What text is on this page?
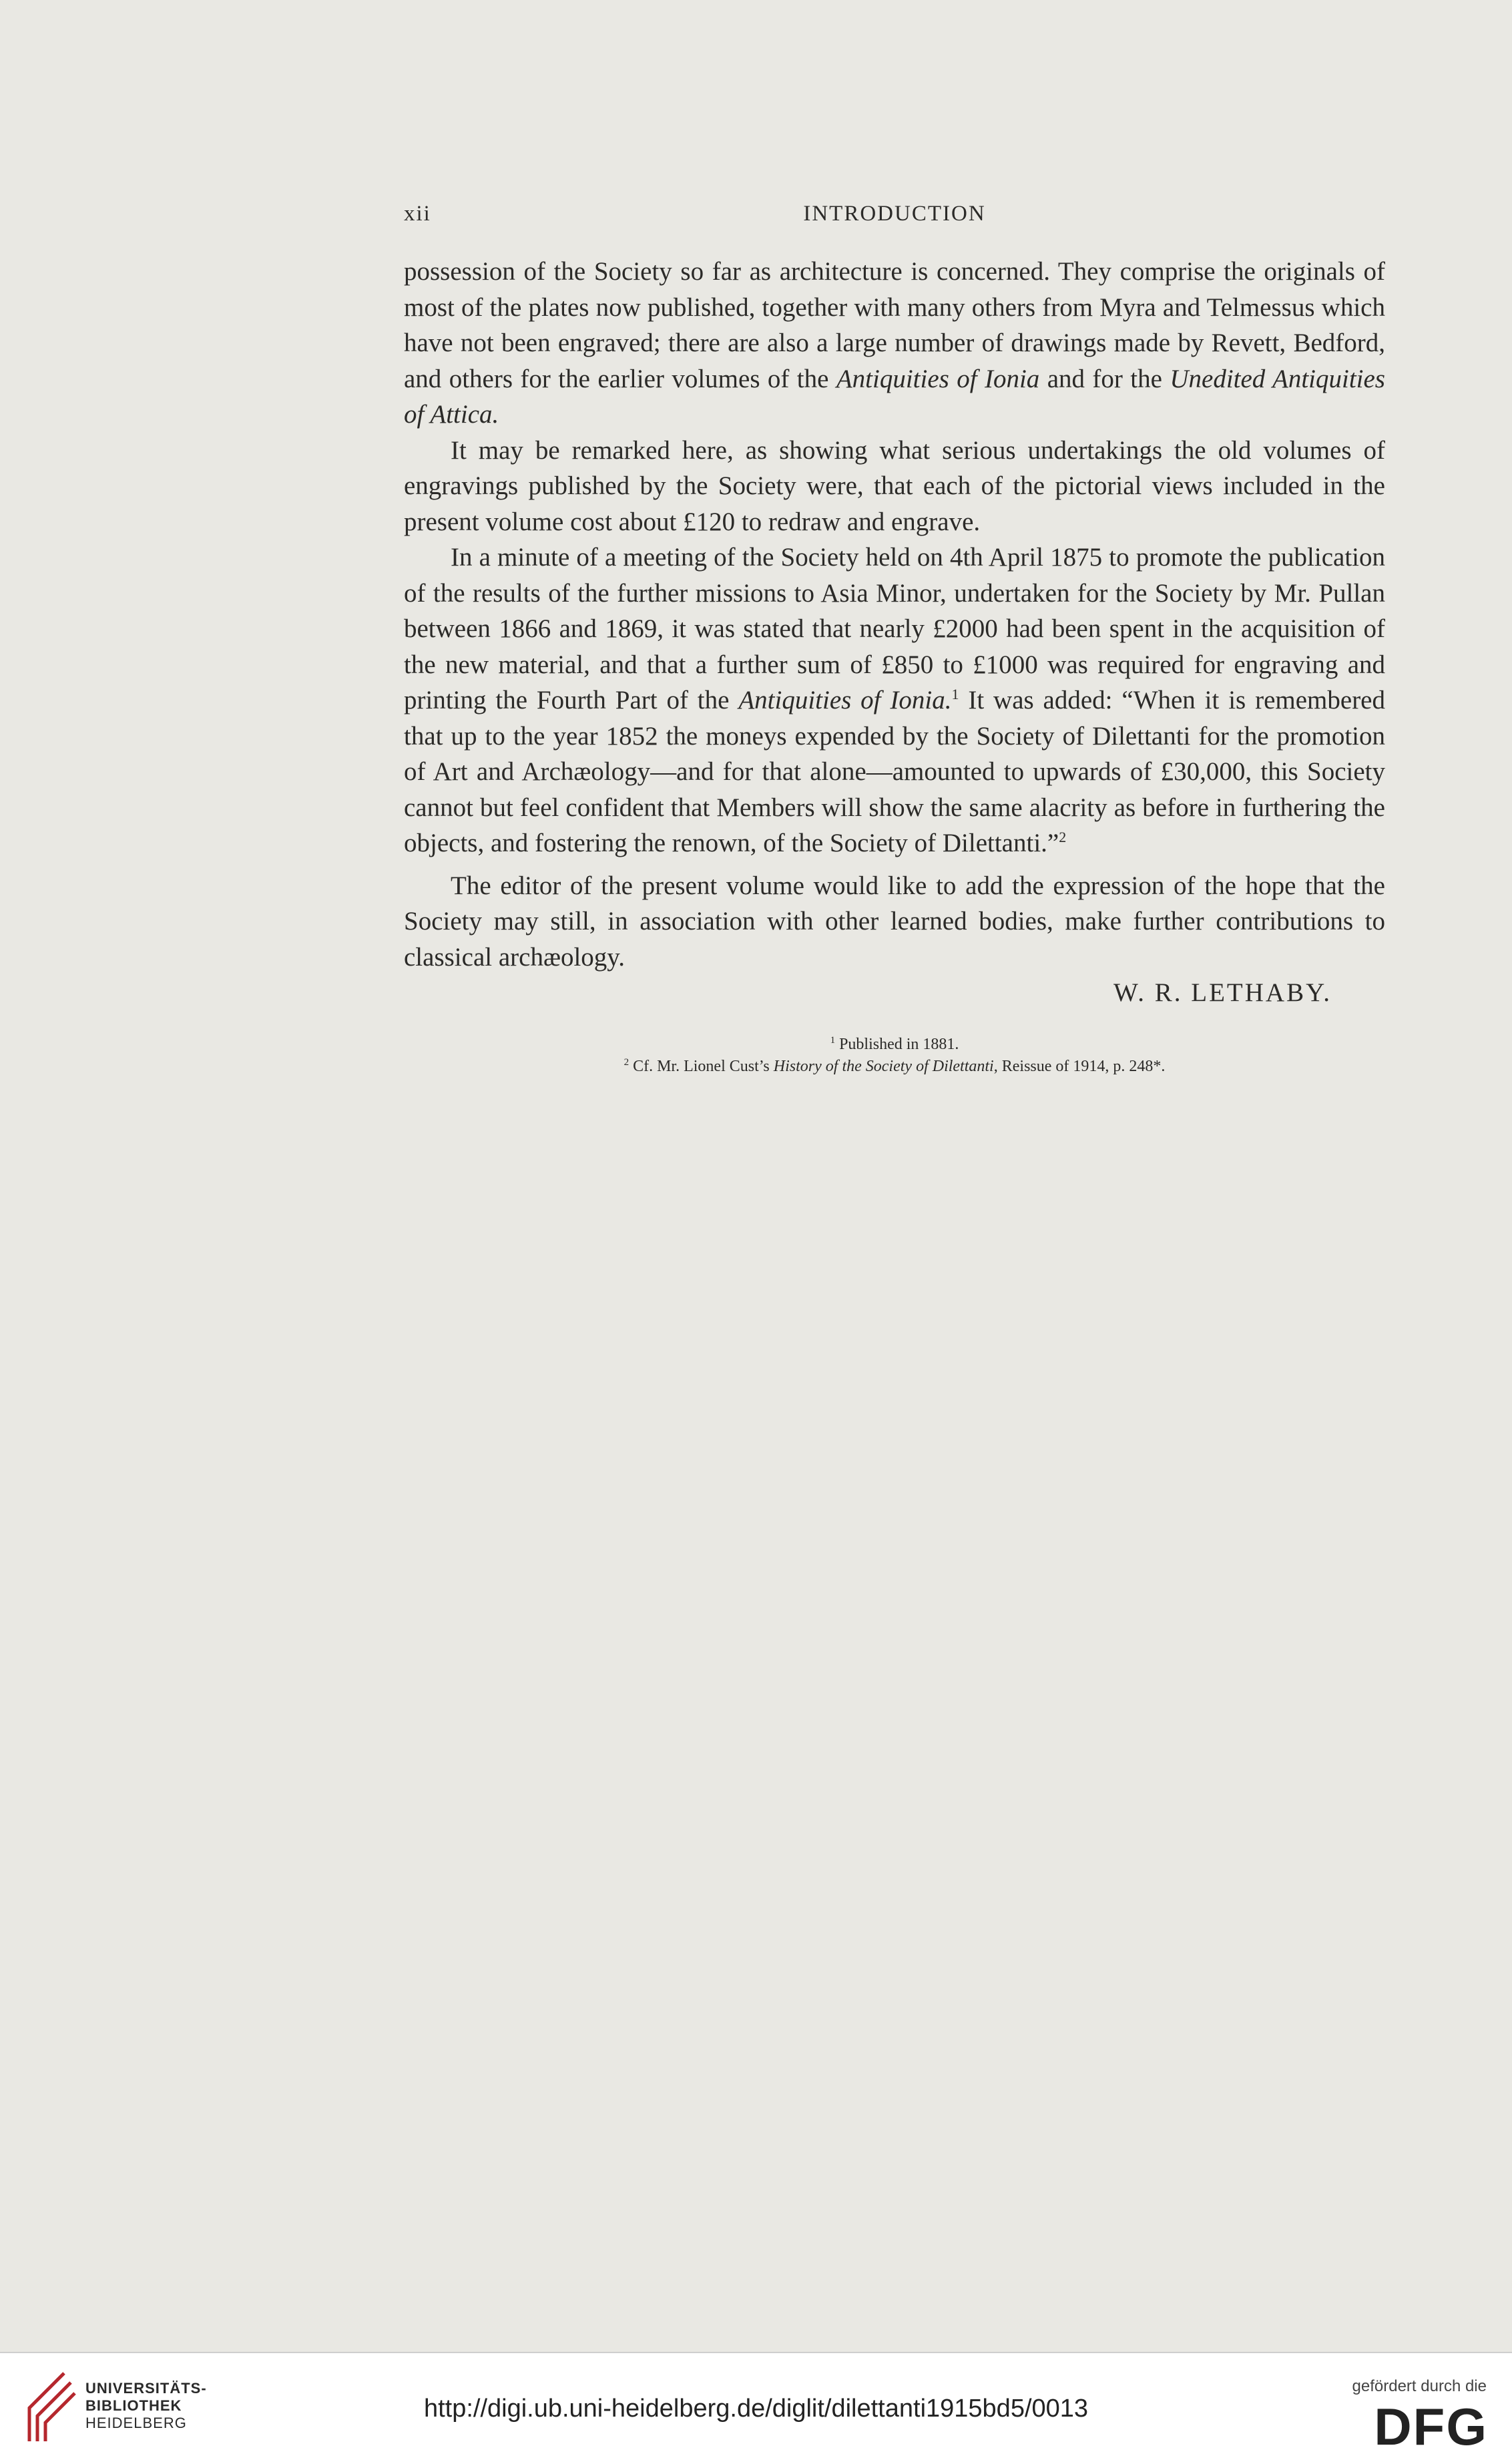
xii	INTRODUCTION

possession of the Society so far as architecture is concerned. They comprise the originals of most of the plates now published, together with many others from Myra and Telmessus which have not been engraved; there are also a large number of drawings made by Revett, Bedford, and others for the earlier volumes of the Antiquities of Ionia and for the Unedited Antiquities of Attica.

It may be remarked here, as showing what serious undertakings the old volumes of engravings published by the Society were, that each of the pictorial views included in the present volume cost about £120 to redraw and engrave.

In a minute of a meeting of the Society held on 4th April 1875 to promote the publication of the results of the further missions to Asia Minor, undertaken for the Society by Mr. Pullan between 1866 and 1869, it was stated that nearly £2000 had been spent in the acquisition of the new material, and that a further sum of £850 to £1000 was required for engraving and printing the Fourth Part of the Antiquities of Ionia.$^1$ It was added: “When it is remembered that up to the year 1852 the moneys expended by the Society of Dilettanti for the promotion of Art and Archæology—and for that alone—amounted to upwards of £30,000, this Society cannot but feel confident that Members will show the same alacrity as before in furthering the objects, and fostering the renown, of the Society of Dilettanti.”$^2$

The editor of the present volume would like to add the expression of the hope that the Society may still, in association with other learned bodies, make further contributions to classical archæology.

W. R. LETHABY.

$^1$ Published in 1881.
$^2$ Cf. Mr. Lionel Cust’s History of the Society of Dilettanti, Reissue of 1914, p. 248*.
UNIVERSITÄTS-
BIBLIOTHEK
HEIDELBERG
http://digi.ub.uni-heidelberg.de/diglit/dilettanti1915bd5/0013
gefördert durch die
DFG
